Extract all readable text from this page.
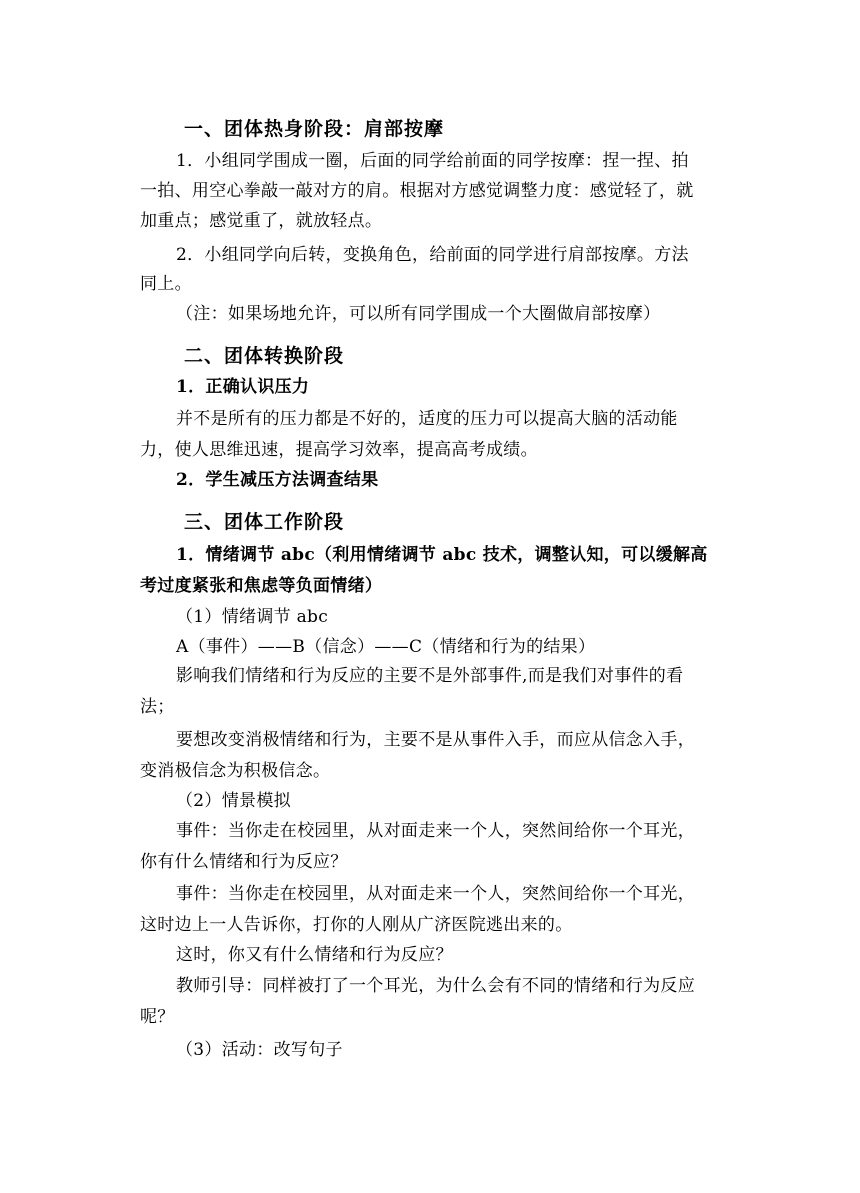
一、团体热身阶段：肩部按摩
1．小组同学围成一圈，后面的同学给前面的同学按摩：捏一捏、拍
一拍、用空心拳敲一敲对方的肩。根据对方感觉调整力度：感觉轻了，就
加重点；感觉重了，就放轻点。
2．小组同学向后转，变换角色，给前面的同学进行肩部按摩。方法
同上。
（注：如果场地允许，可以所有同学围成一个大圈做肩部按摩）
二、团体转换阶段
1．正确认识压力
并不是所有的压力都是不好的，适度的压力可以提高大脑的活动能
力，使人思维迅速，提高学习效率，提高高考成绩。
2．学生减压方法调查结果
三、团体工作阶段
1．情绪调节 abc（利用情绪调节 abc 技术，调整认知，可以缓解高
考过度紧张和焦虑等负面情绪）
（1）情绪调节 abc
A（事件）——B（信念）——C（情绪和行为的结果）
影响我们情绪和行为反应的主要不是外部事件,而是我们对事件的看
法；
要想改变消极情绪和行为，主要不是从事件入手，而应从信念入手，
变消极信念为积极信念。
（2）情景模拟
事件：当你走在校园里，从对面走来一个人，突然间给你一个耳光，
你有什么情绪和行为反应？
事件：当你走在校园里，从对面走来一个人，突然间给你一个耳光，
这时边上一人告诉你，打你的人刚从广济医院逃出来的。
这时，你又有什么情绪和行为反应？
教师引导：同样被打了一个耳光，为什么会有不同的情绪和行为反应
呢？
（3）活动：改写句子
